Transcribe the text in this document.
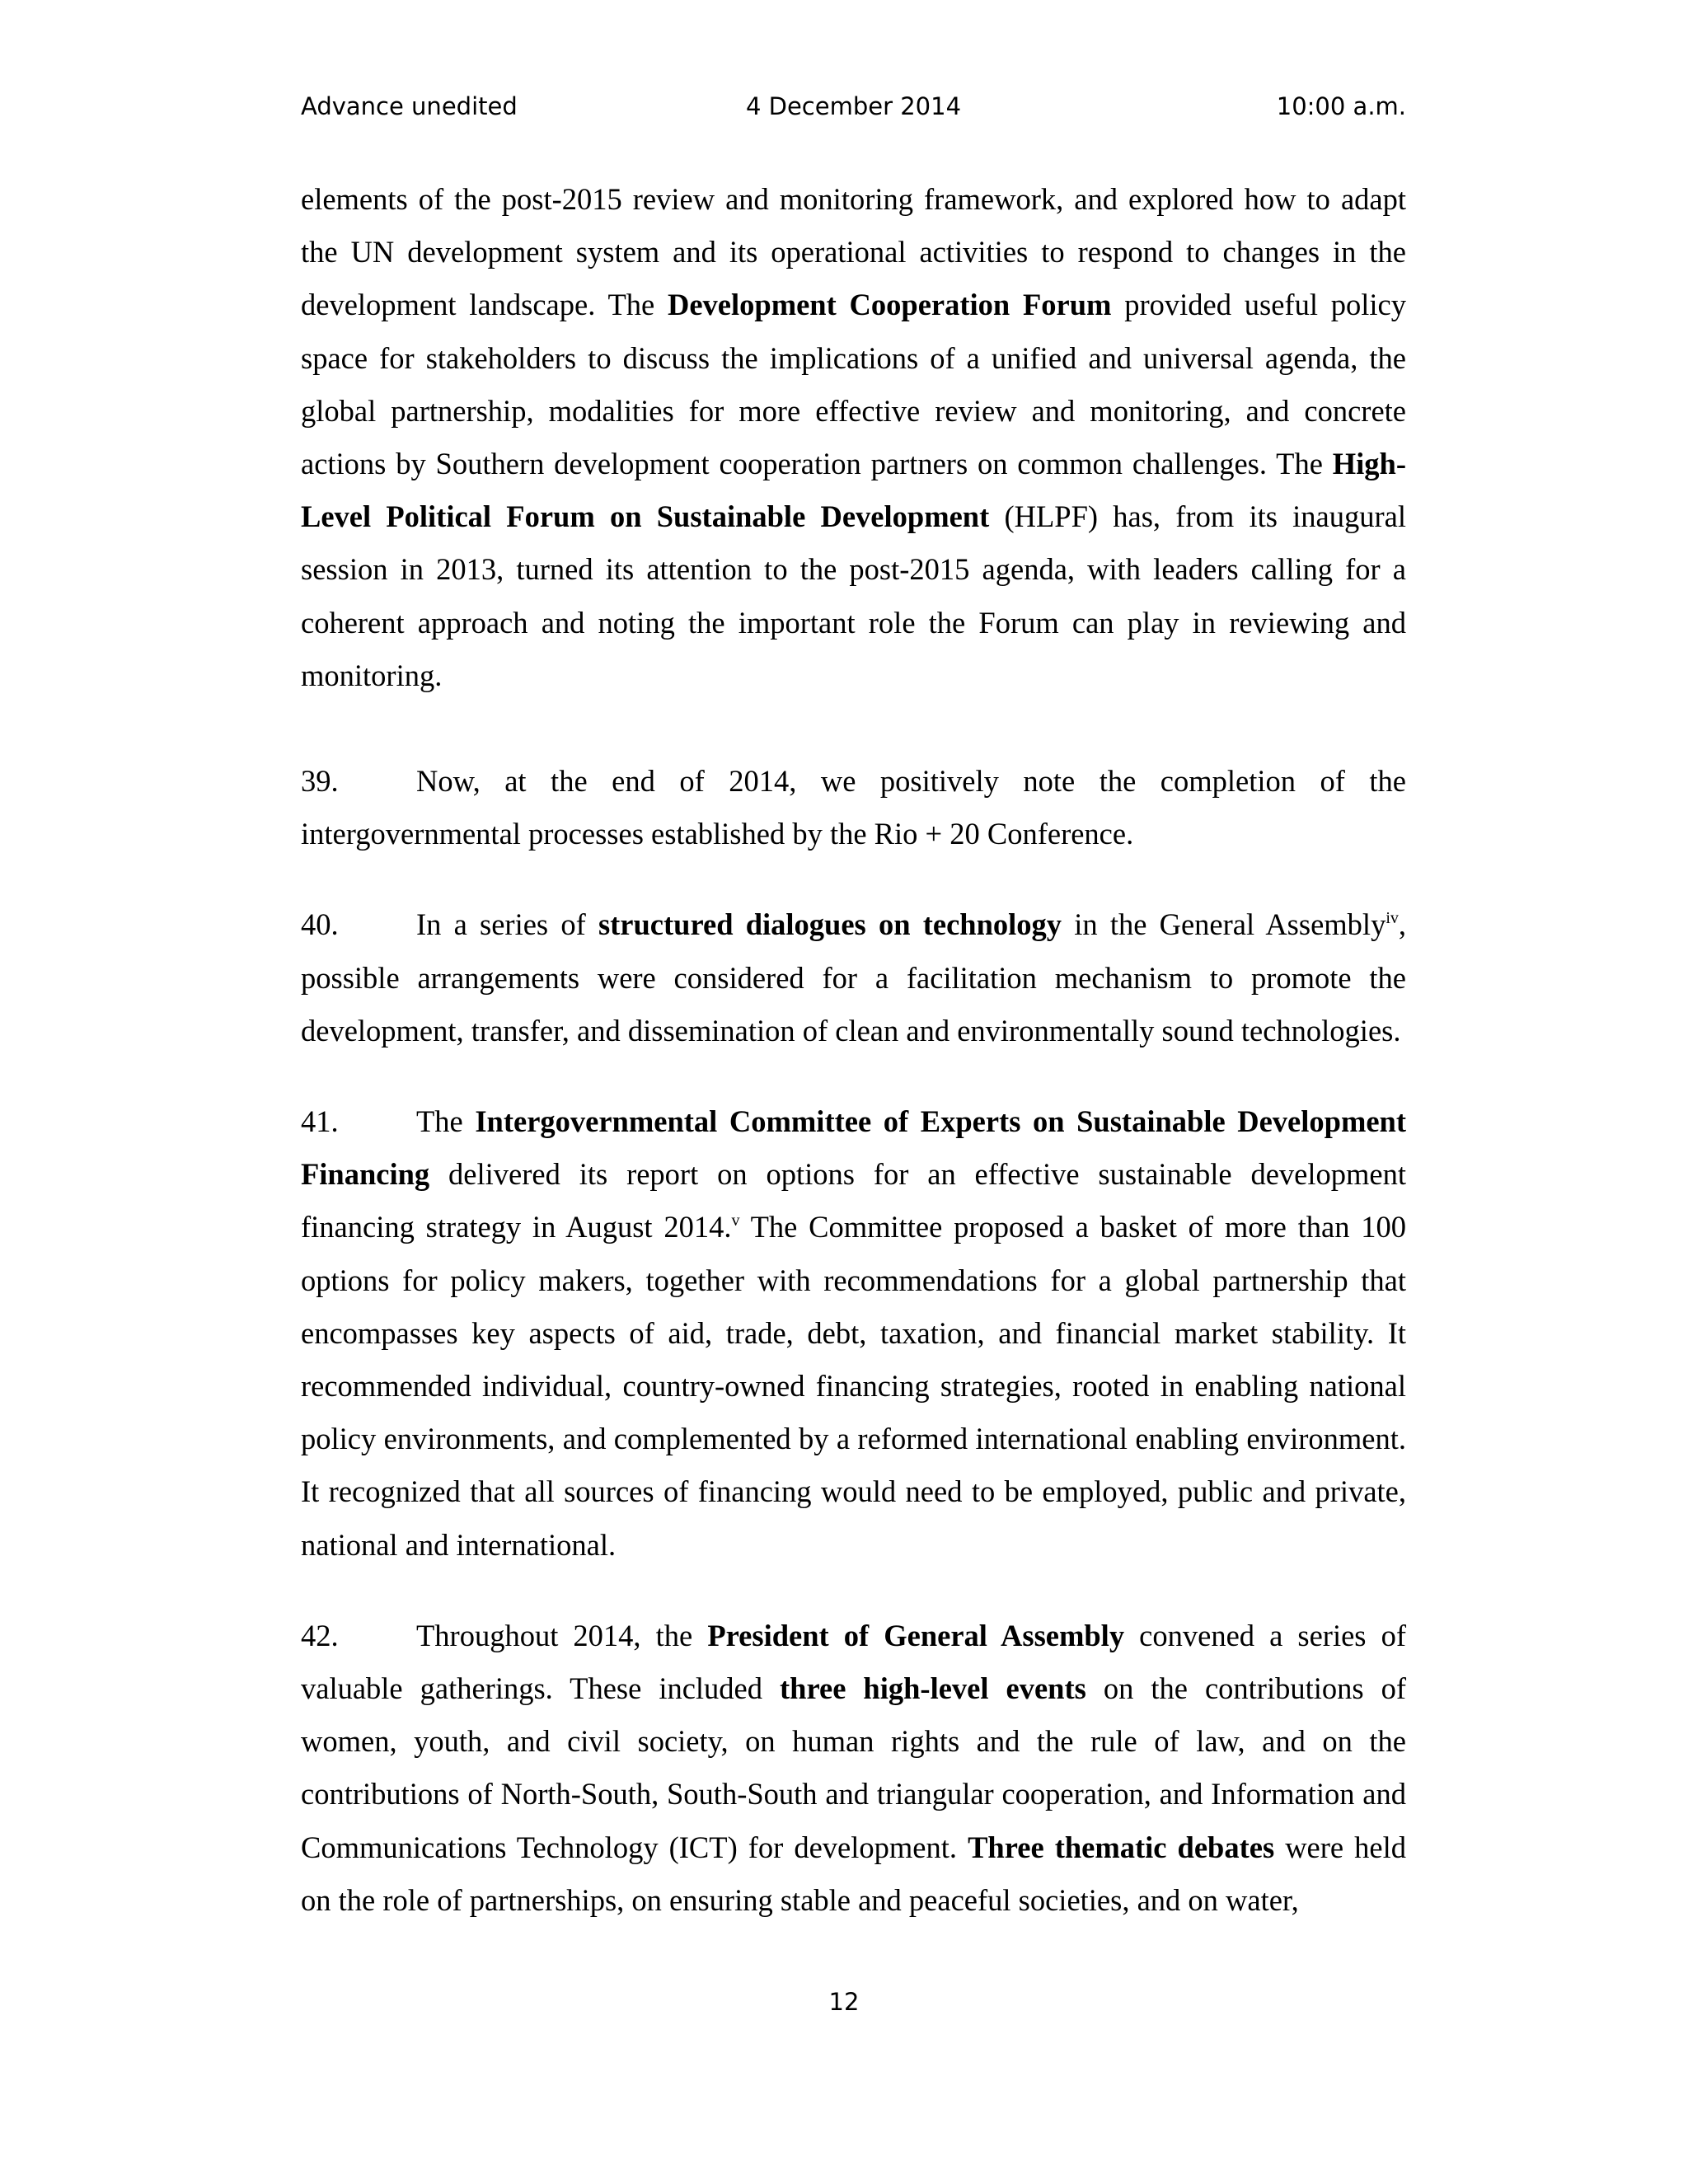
Advance unedited	4 December 2014	10:00 a.m.

elements of the post-2015 review and monitoring framework, and explored how to adapt the UN development system and its operational activities to respond to changes in the development landscape. The Development Cooperation Forum provided useful policy space for stakeholders to discuss the implications of a unified and universal agenda, the global partnership, modalities for more effective review and monitoring, and concrete actions by Southern development cooperation partners on common challenges. The High-Level Political Forum on Sustainable Development (HLPF) has, from its inaugural session in 2013, turned its attention to the post-2015 agenda, with leaders calling for a coherent approach and noting the important role the Forum can play in reviewing and monitoring.

39.	Now, at the end of 2014, we positively note the completion of the intergovernmental processes established by the Rio + 20 Conference.

40.	In a series of structured dialogues on technology in the General Assembly$^{iv}$, possible arrangements were considered for a facilitation mechanism to promote the development, transfer, and dissemination of clean and environmentally sound technologies.

41.	The Intergovernmental Committee of Experts on Sustainable Development Financing delivered its report on options for an effective sustainable development financing strategy in August 2014.$^v$ The Committee proposed a basket of more than 100 options for policy makers, together with recommendations for a global partnership that encompasses key aspects of aid, trade, debt, taxation, and financial market stability. It recommended individual, country-owned financing strategies, rooted in enabling national policy environments, and complemented by a reformed international enabling environment. It recognized that all sources of financing would need to be employed, public and private, national and international.

42.	Throughout 2014, the President of General Assembly convened a series of valuable gatherings. These included three high-level events on the contributions of women, youth, and civil society, on human rights and the rule of law, and on the contributions of North-South, South-South and triangular cooperation, and Information and Communications Technology (ICT) for development. Three thematic debates were held on the role of partnerships, on ensuring stable and peaceful societies, and on water,

12
